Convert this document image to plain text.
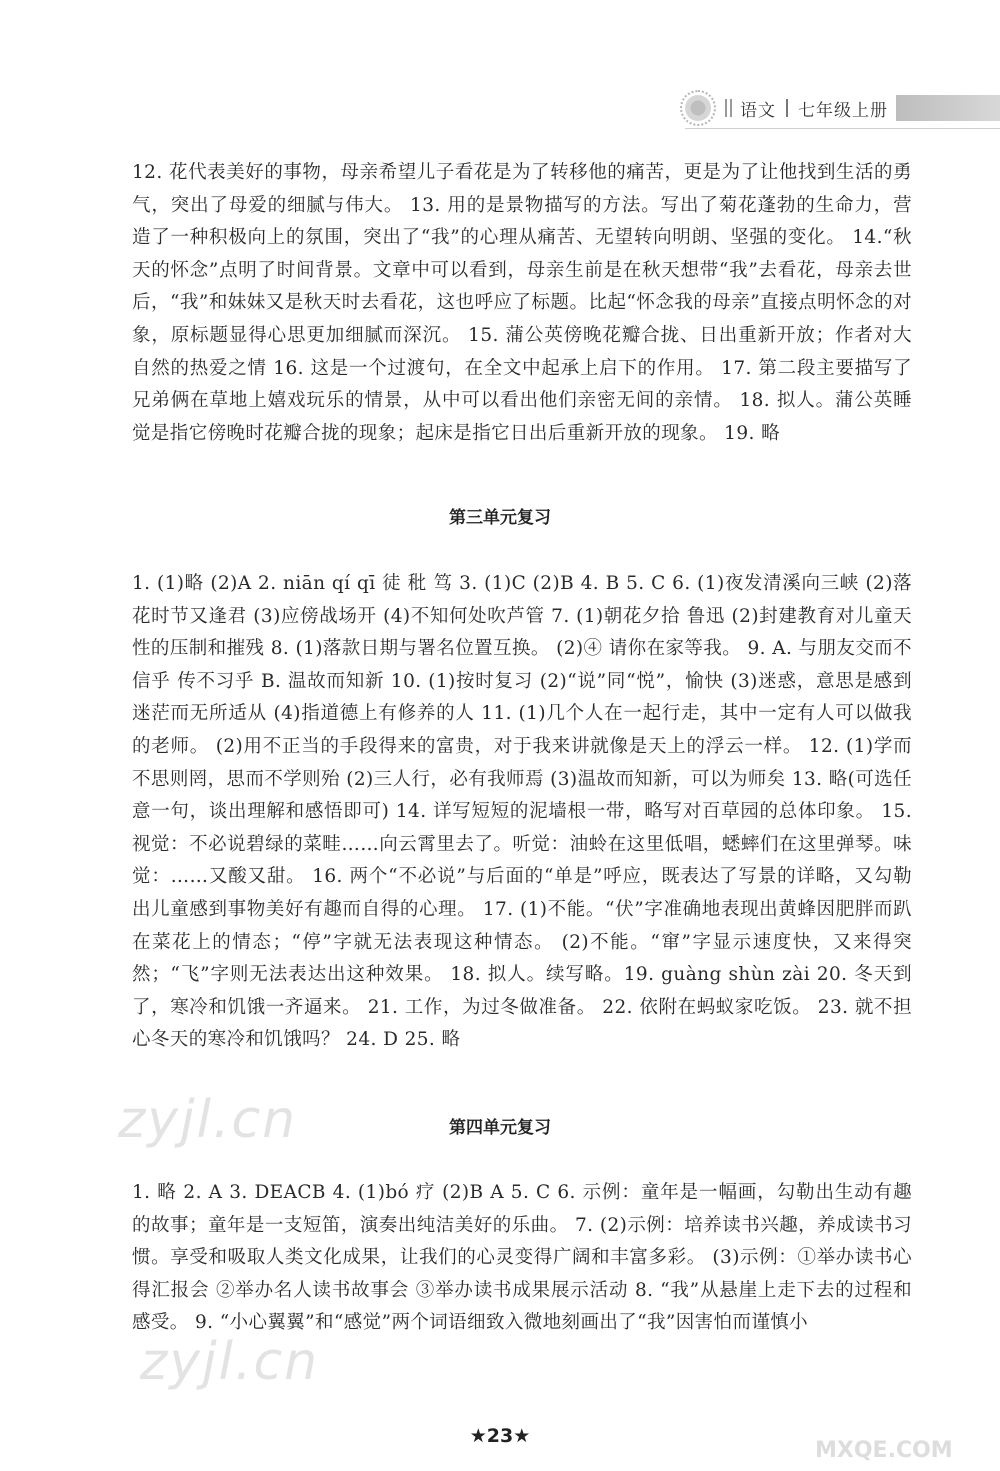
语文 七年级上册
12. 花代表美好的事物，母亲希望儿子看花是为了转移他的痛苦，更是为了让他找到生活的勇气，突出了母爱的细腻与伟大。 13. 用的是景物描写的方法。写出了菊花蓬勃的生命力，营造了一种积极向上的氛围，突出了“我”的心理从痛苦、无望转向明朗、坚强的变化。 14.“秋天的怀念”点明了时间背景。文章中可以看到，母亲生前是在秋天想带“我”去看花，母亲去世后，“我”和妹妹又是秋天时去看花，这也呼应了标题。比起“怀念我的母亲”直接点明怀念的对象，原标题显得心思更加细腻而深沉。 15. 蒲公英傍晚花瓣合拢、日出重新开放；作者对大自然的热爱之情 16. 这是一个过渡句，在全文中起承上启下的作用。 17. 第二段主要描写了兄弟俩在草地上嬉戏玩乐的情景，从中可以看出他们亲密无间的亲情。 18. 拟人。蒲公英睡觉是指它傍晚时花瓣合拢的现象；起床是指它日出后重新开放的现象。 19. 略
第三单元复习
1. (1)略 (2)A 2. niān qí qī 徒 秕 笃 3. (1)C (2)B 4. B 5. C 6. (1)夜发清溪向三峡 (2)落花时节又逢君 (3)应傍战场开 (4)不知何处吹芦管 7. (1)朝花夕拾 鲁迅 (2)封建教育对儿童天性的压制和摧残 8. (1)落款日期与署名位置互换。 (2)④ 请你在家等我。 9. A. 与朋友交而不信乎 传不习乎 B. 温故而知新 10. (1)按时复习 (2)“说”同“悦”，愉快 (3)迷惑，意思是感到迷茫而无所适从 (4)指道德上有修养的人 11. (1)几个人在一起行走，其中一定有人可以做我的老师。 (2)用不正当的手段得来的富贵，对于我来讲就像是天上的浮云一样。 12. (1)学而不思则罔，思而不学则殆 (2)三人行，必有我师焉 (3)温故而知新，可以为师矣 13. 略(可选任意一句，谈出理解和感悟即可) 14. 详写短短的泥墙根一带，略写对百草园的总体印象。 15. 视觉：不必说碧绿的菜畦……向云霄里去了。听觉：油蛉在这里低唱，蟋蟀们在这里弹琴。味觉：……又酸又甜。 16. 两个“不必说”与后面的“单是”呼应，既表达了写景的详略，又勾勒出儿童感到事物美好有趣而自得的心理。 17. (1)不能。“伏”字准确地表现出黄蜂因肥胖而趴在菜花上的情态；“停”字就无法表现这种情态。 (2)不能。“窜”字显示速度快，又来得突然；“飞”字则无法表达出这种效果。 18. 拟人。续写略。19. guàng shùn zài 20. 冬天到了，寒冷和饥饿一齐逼来。 21. 工作，为过冬做准备。 22. 依附在蚂蚁家吃饭。 23. 就不担心冬天的寒冷和饥饿吗？ 24. D 25. 略
zyjl.cn	第四单元复习
1. 略 2. A 3. DEACB 4. (1)bó 疗 (2)B A 5. C 6. 示例：童年是一幅画，勾勒出生动有趣的故事；童年是一支短笛，演奏出纯洁美好的乐曲。 7. (2)示例：培养读书兴趣，养成读书习惯。享受和吸取人类文化成果，让我们的心灵变得广阔和丰富多彩。 (3)示例：①举办读书心得汇报会 ②举办名人读书故事会 ③举办读书成果展示活动 8. “我”从悬崖上走下去的过程和感受。 9. “小心翼翼”和“感觉”两个词语细致入微地刻画出了“我”因害怕而谨慎小
zyjl.cn
MXQE.COM
★23★
